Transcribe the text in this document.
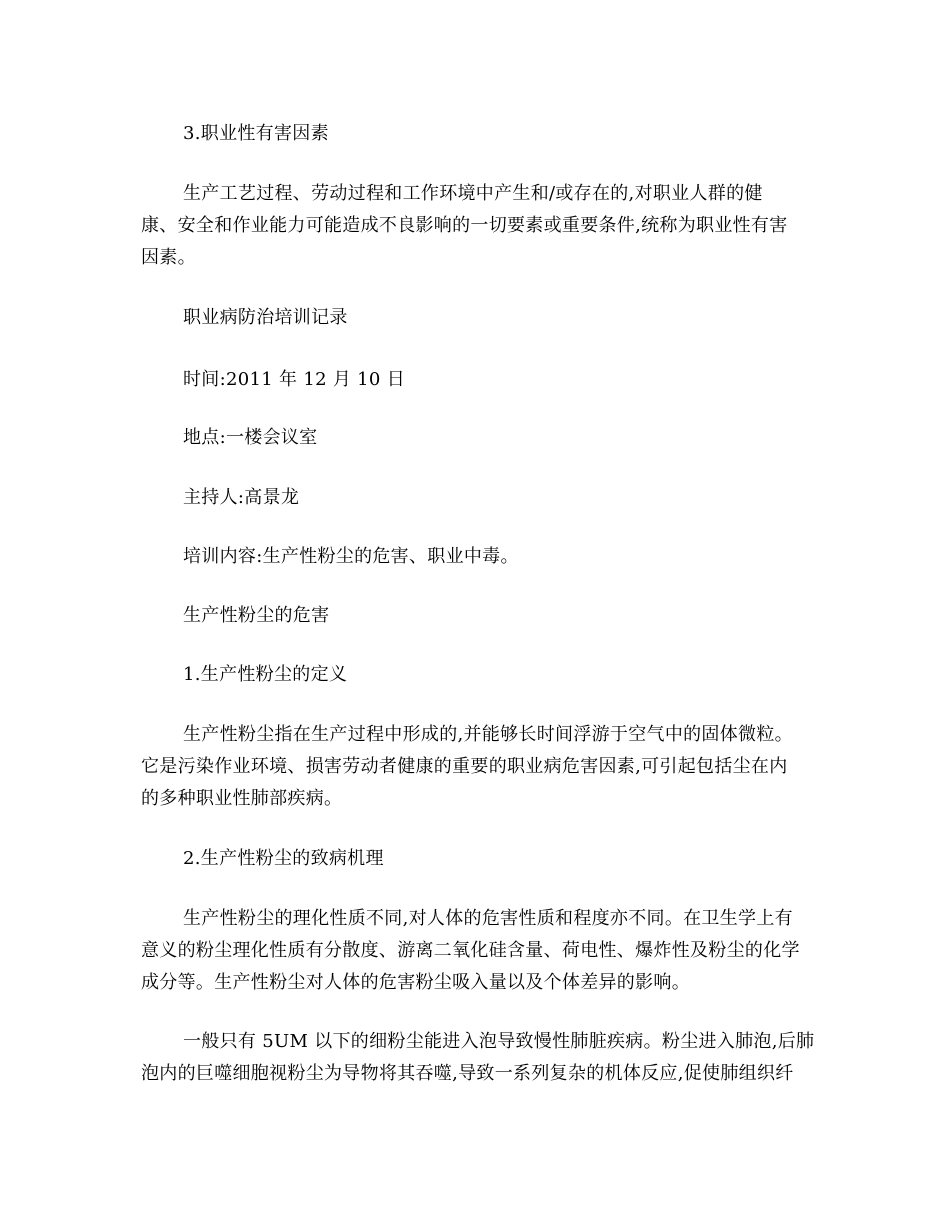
3.职业性有害因素
生产工艺过程、劳动过程和工作环境中产生和/或存在的,对职业人群的健
康、安全和作业能力可能造成不良影响的一切要素或重要条件,统称为职业性有害
因素。
职业病防治培训记录
时间:2011 年 12 月 10 日
地点:一楼会议室
主持人:高景龙
培训内容:生产性粉尘的危害、职业中毒。
生产性粉尘的危害
1.生产性粉尘的定义
生产性粉尘指在生产过程中形成的,并能够长时间浮游于空气中的固体微粒。
它是污染作业环境、损害劳动者健康的重要的职业病危害因素,可引起包括尘在内
的多种职业性肺部疾病。
2.生产性粉尘的致病机理
生产性粉尘的理化性质不同,对人体的危害性质和程度亦不同。在卫生学上有
意义的粉尘理化性质有分散度、游离二氧化硅含量、荷电性、爆炸性及粉尘的化学
成分等。生产性粉尘对人体的危害粉尘吸入量以及个体差异的影响。
一般只有 5UM 以下的细粉尘能进入泡导致慢性肺脏疾病。粉尘进入肺泡,后肺
泡内的巨噬细胞视粉尘为导物将其吞噬,导致一系列复杂的机体反应,促使肺组织纤
